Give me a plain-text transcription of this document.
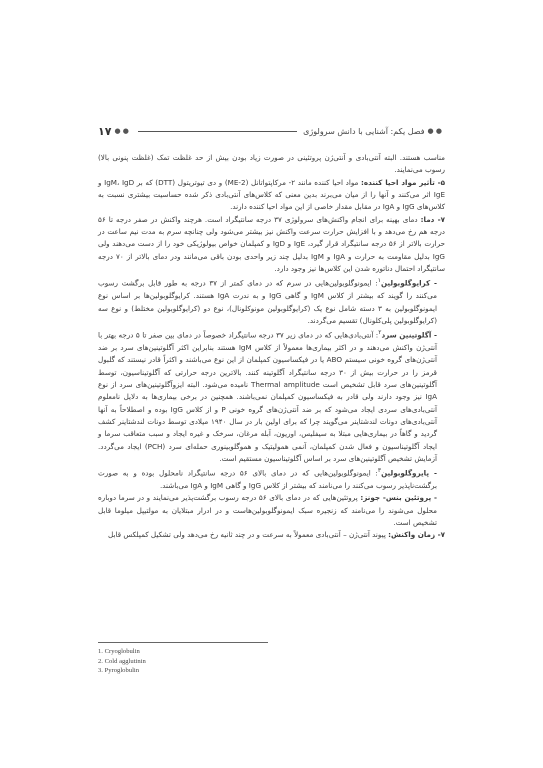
۱۷ ● ●	فصل یکم: آشنایی با دانش سرولوژی ● ●

مناسب هستند. البته آنتی‌بادی و آنتی‌ژن پروتئینی در صورت زیاد بودن بیش از حد غلظت تمک (غلظت پنونی بالا) رسوب می‌نمایند.

۵- تأثیر مواد احیا کننده: مواد احیا کننده مانند ۲- مرکاپتواتانل (2-ME) و دی تیوتریتول (DTT) که بر IgM، IgD و IgE اثر می‌کنند و آنها را از میان می‌برند بدین معنی که کلاس‌های آنتی‌بادی ذکر شده حساسیت بیشتری نسبت به کلاس‌های IgG و IgA در مقابل مقدار خاصی از این مواد احیا کننده دارند.

۷- دما: دمای بهینه برای انجام واکنش‌های سرولوژی ۳۷ درجه سانتیگراد است. هرچند واکنش در صفر درجه تا ۵۶ درجه هم رخ می‌دهد و با افزایش حرارت سرعت واکنش نیز بیشتر می‌شود ولی چنانچه سرم به مدت نیم ساعت در حرارت بالاتر از ۵۶ درجه سانتیگراد قرار گیرد، IgE و IgD و کمپلمان خواص بیولوژیکی خود را از دست می‌دهند ولی IgG بدلیل مقاومت به حرارت و IgA و IgM بدلیل چند زیر واحدی بودن باقی می‌مانند ودر دمای بالاتر از ۷۰ درجه سانتیگراد احتمال دناتوره شدن این کلاس‌ها نیز وجود دارد.

- کرایوگلوبولین$^۱$: ایمونوگلوبولین‌هایی در سرم که در دمای کمتر از ۳۷ درجه به طور قابل برگشت رسوب می‌کنند را گویند که بیشتر از کلاس IgM و گاهی IgG و به ندرت IgA هستند. کرایوگلوبولین‌ها بر اساس نوع ایمونوگلوبولین به ۳ دسته شامل نوع یک (کرایوگلوبولین مونوکلونال)، نوع دو (کرایوگلوبولین مختلط) و نوع سه (کرایوگلوبولین پلی‌کلونال) تقسیم می‌گردند.

- آگلوتینین سرد$^۲$: آنتی‌بادی‌هایی که در دمای زیر ۳۷ درجه سانتیگراد خصوصاً در دمای بین صفر تا ۵ درجه بهتر با آنتی‌ژن واکنش می‌دهند و در اکثر بیماری‌ها معمولاً از کلاس IgM هستند بنابراین اکثر آگلوتینین‌های سرد بر ضد آنتی‌ژن‌های گروه خونی سیستم ABO یا در فیکساسیون کمپلمان از این نوع می‌باشند و اکثراً قادر نیستند که گلبول قرمز را در حرارت بیش از ۳۰ درجه سانتیگراد آگلوتینه کنند. بالاترین درجه حرارتی که آگلوتیناسیون، توسط آگلوتینین‌های سرد قابل تشخیص است Thermal amplitude نامیده می‌شود. البته ایزوآگلوتینین‌های سرد از نوع IgA نیز وجود دارند ولی قادر به فیکساسیون کمپلمان نمی‌باشند. همچنین در برخی بیماری‌ها به دلایل نامعلوم آنتی‌بادی‌های سردی ایجاد می‌شود که بر ضد آنتی‌ژن‌های گروه خونی P و از کلاس IgG بوده و اصطلاحاً به آنها آنتی‌بادی‌های دونات لندشتاینر می‌گویند چرا که برای اولین بار در سال ۱۹۴۰ میلادی توسط دونات لندشتاینر کشف گردید و گاهاً در بیماری‌هایی مبتلا به سیفلیس، اوریون، آبله مرغان، سرخک و غیره ایجاد و سبب متعاقب سرما و ایجاد آگلوتیناسیون و فعال شدن کمپلمان، آنمی همولیتیک و هموگلوبینوری حمله‌ای سرد (PCH) ایجاد می‌گردد. آزمایش تشخیص آگلوتینین‌های سرد بر اساس آگلوتیناسیون مستقیم است.

- پایروگلوبولین$^۳$: ایمونوگلوبولین‌هایی که در دمای بالای ۵۶ درجه سانتیگراد نامحلول بوده و به صورت برگشت‌ناپذیر رسوب می‌کنند را می‌نامند که بیشتر از کلاس IgG و گاهی IgM و IgA می‌باشند.

- پروتئین بنس- جونز: پروتئین‌هایی که در دمای بالای ۵۶ درجه رسوب برگشت‌پذیر می‌نمایند و در سرما دوباره محلول می‌شوند را می‌نامند که زنجیره سبک ایمونوگلوبولین‌هاست و در ادرار مبتلایان به مولتیپل میلوما قابل تشخیص است.

۷- زمان واکنش: پیوند آنتی‌ژن – آنتی‌بادی معمولاً به سرعت و در چند ثانیه رخ می‌دهد ولی تشکیل کمپلکس قابل

1. Cryoglobulin
2. Cold agglutinin
3. Pyroglobulin
